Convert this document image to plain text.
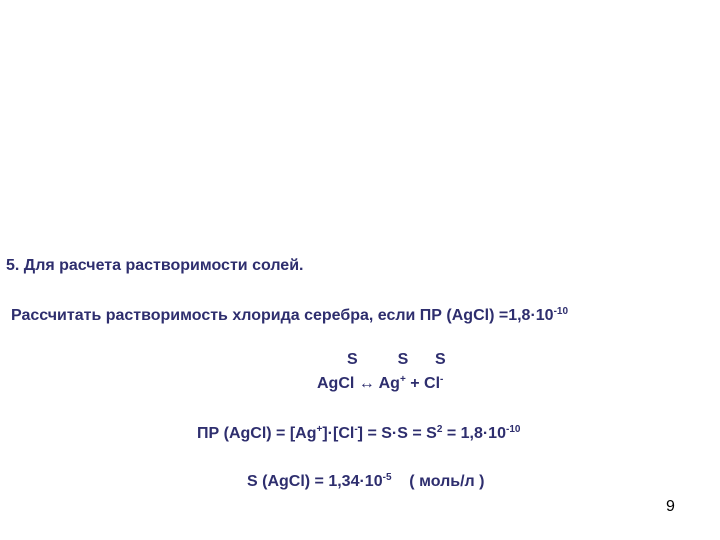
5. Для расчета растворимости солей.
Рассчитать растворимость хлорида серебра, если ПР (AgCl) $=1,8\cdot 10^{-10}$
S         S      S
AgCl ↔ Ag+ + Cl-
ПР (AgCl) = $[Ag^+]\cdot[Cl^-] = S\cdot S = S^2 = 1,8\cdot 10^{-10}$
S (AgCl) = $1,34\cdot 10^{-5}$    ( моль/л )
9
